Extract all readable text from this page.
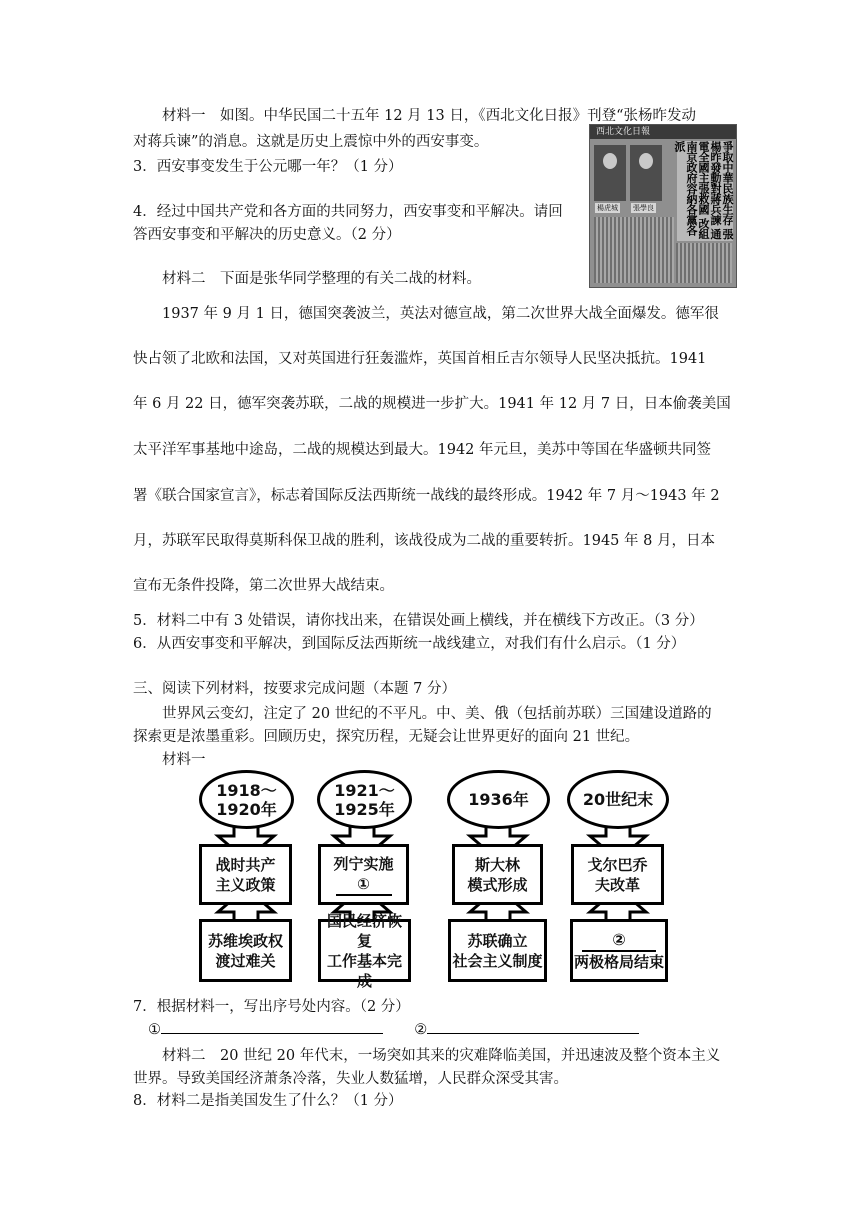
材料一　如图。中华民国二十五年 12 月 13 日，《西北文化日报》刊登“张杨昨发动
对蒋兵谏”的消息。这就是历史上震惊中外的西安事变。
3．西安事变发生于公元哪一年？（1 分）
4．经过中国共产党和各方面的共同努力，西安事变和平解决。请回
答西安事变和平解决的历史意义。（2 分）
材料二　下面是张华同学整理的有关二战的材料。
西北文化日報
楊虎城 張學良	爭取中華民族生存 張楊昨發動對蔣兵諫 通電全國主張救國 改組南京政府容納各黨各派
1937 年 9 月 1 日，德国突袭波兰，英法对德宣战，第二次世界大战全面爆发。德军很
快占领了北欧和法国，又对英国进行狂轰滥炸，英国首相丘吉尔领导人民坚决抵抗。1941
年 6 月 22 日，德军突袭苏联，二战的规模进一步扩大。1941 年 12 月 7 日，日本偷袭美国
太平洋军事基地中途岛，二战的规模达到最大。1942 年元旦，美苏中等国在华盛顿共同签
署《联合国家宣言》，标志着国际反法西斯统一战线的最终形成。1942 年 7 月～1943 年 2
月，苏联军民取得莫斯科保卫战的胜利，该战役成为二战的重要转折。1945 年 8 月，日本
宣布无条件投降，第二次世界大战结束。
5．材料二中有 3 处错误，请你找出来，在错误处画上横线，并在横线下方改正。（3 分）
6．从西安事变和平解决，到国际反法西斯统一战线建立，对我们有什么启示。（1 分）
三、阅读下列材料，按要求完成问题（本题 7 分）
世界风云变幻，注定了 20 世纪的不平凡。中、美、俄（包括前苏联）三国建设道路的
探索更是浓墨重彩。回顾历史，探究历程，无疑会让世界更好的面向 21 世纪。
材料一
1918～
1920年
战时共产
主义政策
苏维埃政权
渡过难关
1921～
1925年
列宁实施
①
国民经济恢复
工作基本完成
1936年
斯大林
模式形成
苏联确立
社会主义制度
20世纪末
戈尔巴乔
夫改革
②
两极格局结束
7．根据材料一，写出序号处内容。（2 分）
①	②
材料二　20 世纪 20 年代末，一场突如其来的灾难降临美国，并迅速波及整个资本主义
世界。导致美国经济萧条冷落，失业人数猛增，人民群众深受其害。
8．材料二是指美国发生了什么？（1 分）
